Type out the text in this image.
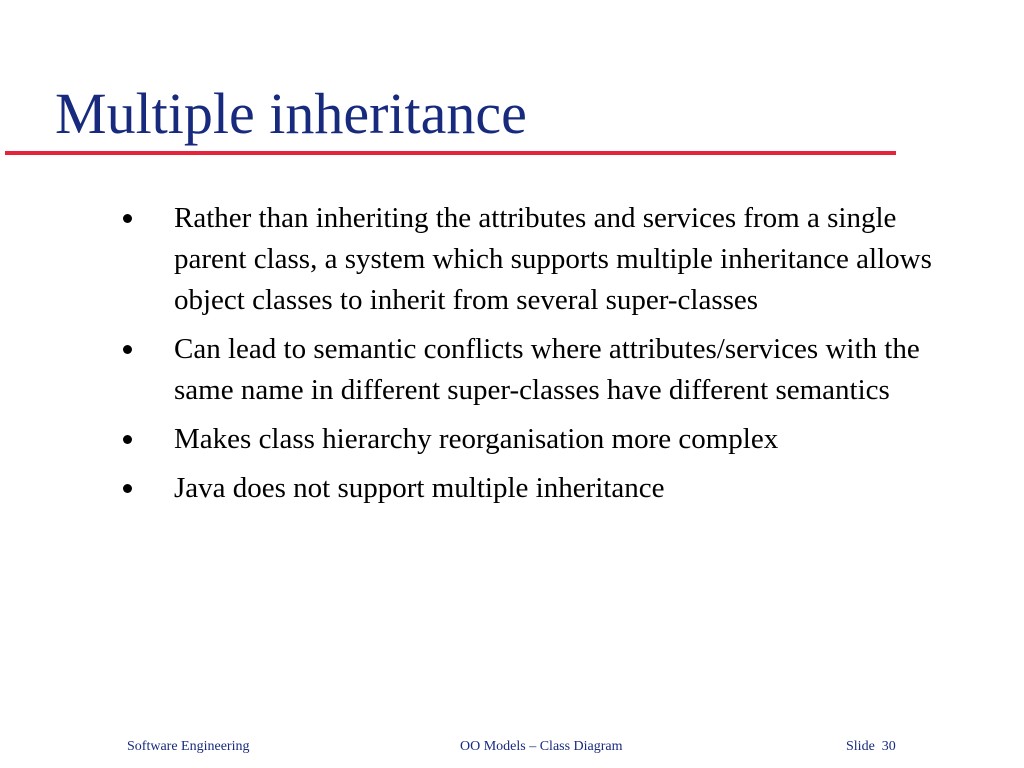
Multiple inheritance
Rather than inheriting the attributes and services from a single parent class, a system which supports multiple inheritance allows object classes to inherit from several super-classes
Can lead to semantic conflicts where attributes/services with the same name in different super-classes have different semantics
Makes class hierarchy reorganisation more complex
Java does not support multiple inheritance
Software Engineering	OO Models – Class Diagram	Slide 30
